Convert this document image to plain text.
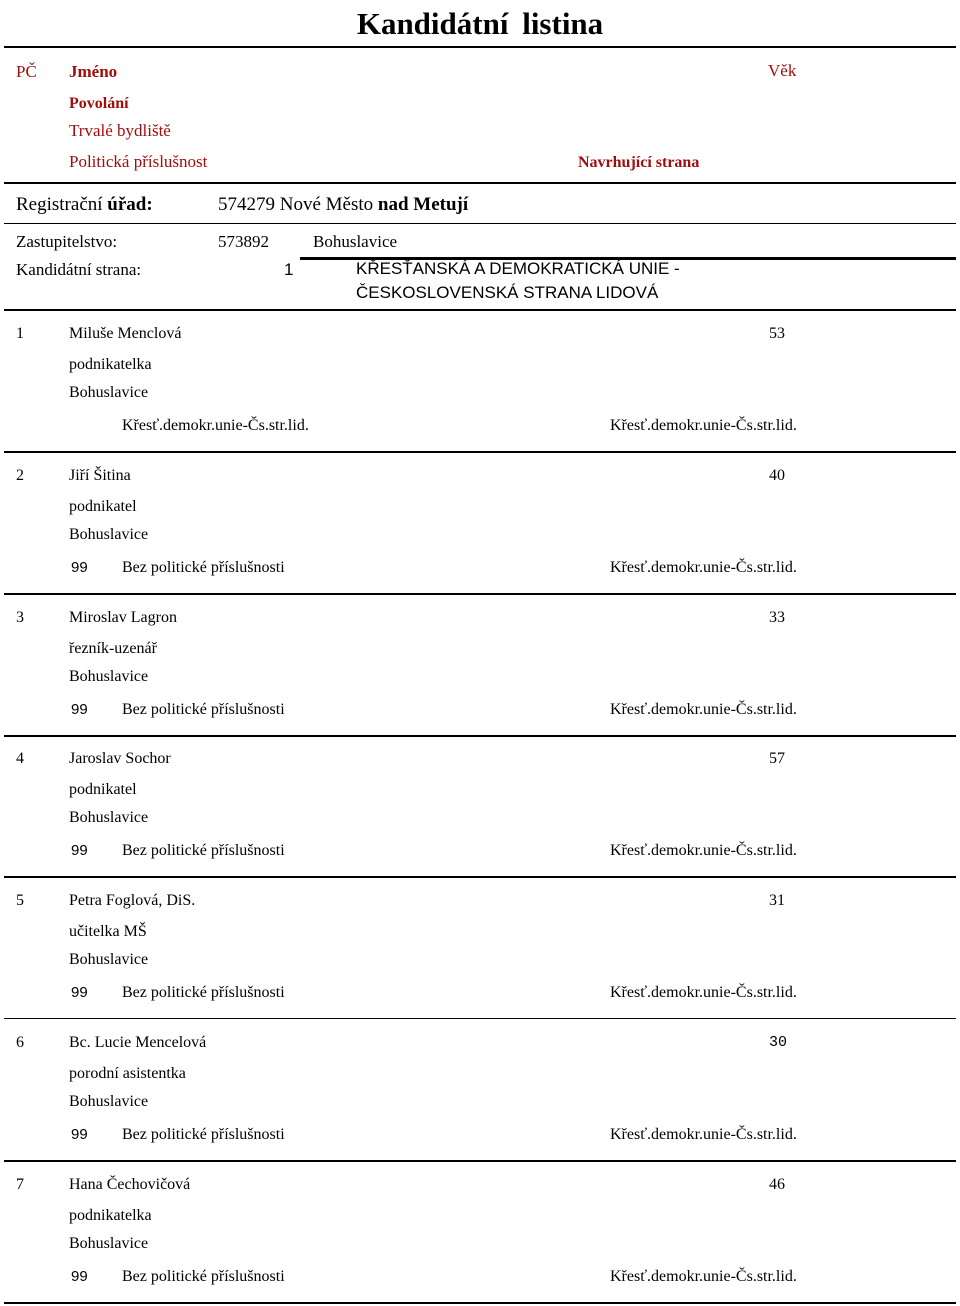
Kandidátní listina
PČ Jméno	Věk
Povolání
Trvalé bydliště
Politická příslušnost	Navrhující strana
Registrační úřad:	574279 Nové Město nad Metují
Zastupitelstvo:	573892	Bohuslavice
Kandidátní strana:	1	KŘESŤANSKÁ A DEMOKRATICKÁ UNIE -
ČESKOSLOVENSKÁ STRANA LIDOVÁ
1	Miluše Menclová	53
podnikatelka
Bohuslavice
Křesť.demokr.unie-Čs.str.lid.	Křesť.demokr.unie-Čs.str.lid.
2	Jiří Šitina	40
podnikatel
Bohuslavice
99 Bez politické příslušnosti	Křesť.demokr.unie-Čs.str.lid.
3	Miroslav Lagron	33
řezník-uzenář
Bohuslavice
99 Bez politické příslušnosti	Křesť.demokr.unie-Čs.str.lid.
4	Jaroslav Sochor	57
podnikatel
Bohuslavice
99 Bez politické příslušnosti	Křesť.demokr.unie-Čs.str.lid.
5	Petra Foglová, DiS.	31
učitelka MŠ
Bohuslavice
99 Bez politické příslušnosti	Křesť.demokr.unie-Čs.str.lid.
6	Bc. Lucie Mencelová	30
porodní asistentka
Bohuslavice
99 Bez politické příslušnosti	Křesť.demokr.unie-Čs.str.lid.
7	Hana Čechovičová	46
podnikatelka
Bohuslavice
99 Bez politické příslušnosti	Křesť.demokr.unie-Čs.str.lid.
